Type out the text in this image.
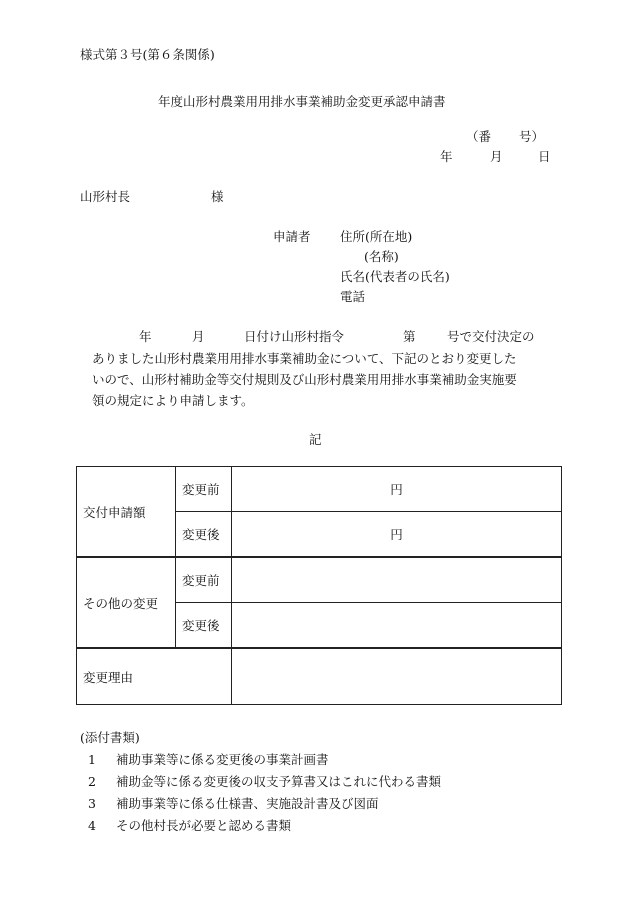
様式第３号(第６条関係)
年度山形村農業用用排水事業補助金変更承認申請書
（番 号）
年	月	日
山形村長	様
申請者 住所(所在地)
(名称)
氏名(代表者の氏名)
電話
年	月	日付け山形村指令	第	号で交付決定の
ありました山形村農業用用排水事業補助金について、下記のとおり変更した
いので、山形村補助金等交付規則及び山形村農業用用排水事業補助金実施要
領の規定により申請します。
記
交付申請額	変更前	円
	変更後	円
その他の変更	変更前	
	変更後	
変更理由		
(添付書類)
1 補助事業等に係る変更後の事業計画書
2 補助金等に係る変更後の収支予算書又はこれに代わる書類
3 補助事業等に係る仕様書、実施設計書及び図面
4 その他村長が必要と認める書類
